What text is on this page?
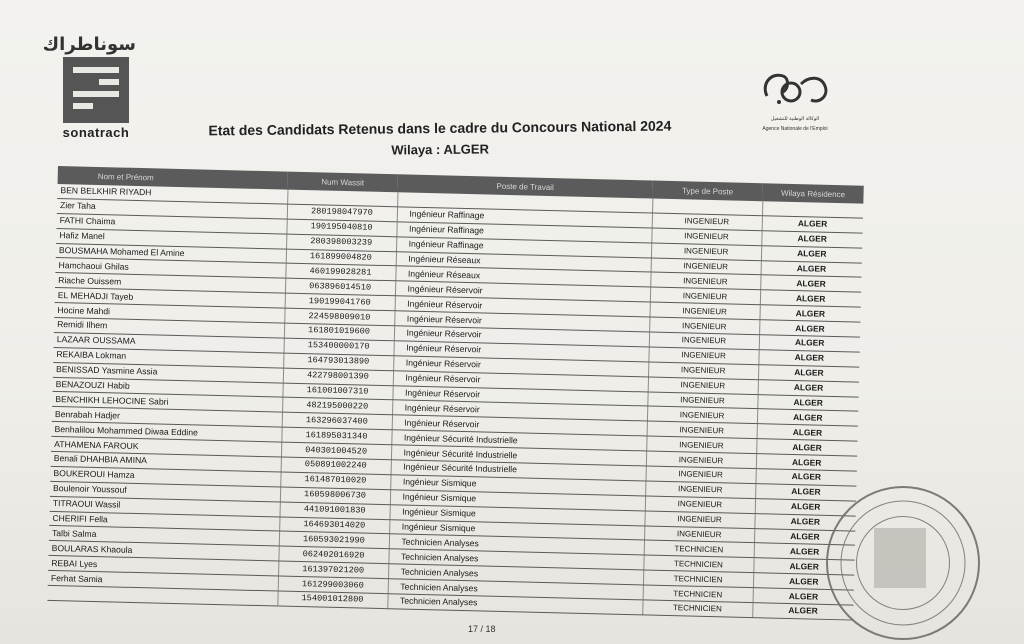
سوناطراك
sonatrach
الوكالة الوطنية للتشغيل
Agence Nationale de l'Emploi
Etat des Candidats Retenus dans le cadre du Concours National 2024
Wilaya : ALGER
Nom et Prénom	Num Wassit	Poste de Travail	Type de Poste	Wilaya Résidence
BEN BELKHIR RIYADH				
Zier Taha	280198047970	Ingénieur Raffinage	INGENIEUR	ALGER
FATHI Chaima	190195040810	Ingénieur Raffinage	INGENIEUR	ALGER
Hafiz Manel	280398003239	Ingénieur Raffinage	INGENIEUR	ALGER
BOUSMAHA Mohamed El Amine	161899004820	Ingénieur Réseaux	INGENIEUR	ALGER
Hamchaoui Ghilas	460199028281	Ingénieur Réseaux	INGENIEUR	ALGER
Riache Ouissem	063896014510	Ingénieur Réservoir	INGENIEUR	ALGER
EL MEHADJI Tayeb	190199041760	Ingénieur Réservoir	INGENIEUR	ALGER
Hocine Mahdi	224598009010	Ingénieur Réservoir	INGENIEUR	ALGER
Remidi Ilhem	161801019600	Ingénieur Réservoir	INGENIEUR	ALGER
LAZAAR OUSSAMA	153400000170	Ingénieur Réservoir	INGENIEUR	ALGER
REKAIBA Lokman	164793013890	Ingénieur Réservoir	INGENIEUR	ALGER
BENISSAD Yasmine Assia	422798001390	Ingénieur Réservoir	INGENIEUR	ALGER
BENAZOUZI Habib	161001007310	Ingénieur Réservoir	INGENIEUR	ALGER
BENCHIKH LEHOCINE Sabri	482195000220	Ingénieur Réservoir	INGENIEUR	ALGER
Benrabah Hadjer	163296037400	Ingénieur Réservoir	INGENIEUR	ALGER
Benhalilou Mohammed Diwaa Eddine	161895031340	Ingénieur Sécurité Industrielle	INGENIEUR	ALGER
ATHAMENA FAROUK	040301004520	Ingénieur Sécurité Industrielle	INGENIEUR	ALGER
Benali DHAHBIA AMINA	050891002240	Ingénieur Sécurité Industrielle	INGENIEUR	ALGER
BOUKEROUI Hamza	161487010020	Ingénieur Sismique	INGENIEUR	ALGER
Boulenoir Youssouf	160598006730	Ingénieur Sismique	INGENIEUR	ALGER
TITRAOUI Wassil	441091001830	Ingénieur Sismique	INGENIEUR	ALGER
CHERIFI Fella	164693014020	Ingénieur Sismique	INGENIEUR	ALGER
Talbi Salma	160593021990	Technicien Analyses	TECHNICIEN	ALGER
BOULARAS Khaoula	062402016920	Technicien Analyses	TECHNICIEN	ALGER
REBAI Lyes	161397021200	Technicien Analyses	TECHNICIEN	ALGER
Ferhat Samia	161299003060	Technicien Analyses	TECHNICIEN	ALGER
	154001012800	Technicien Analyses	TECHNICIEN	ALGER
17 / 18
